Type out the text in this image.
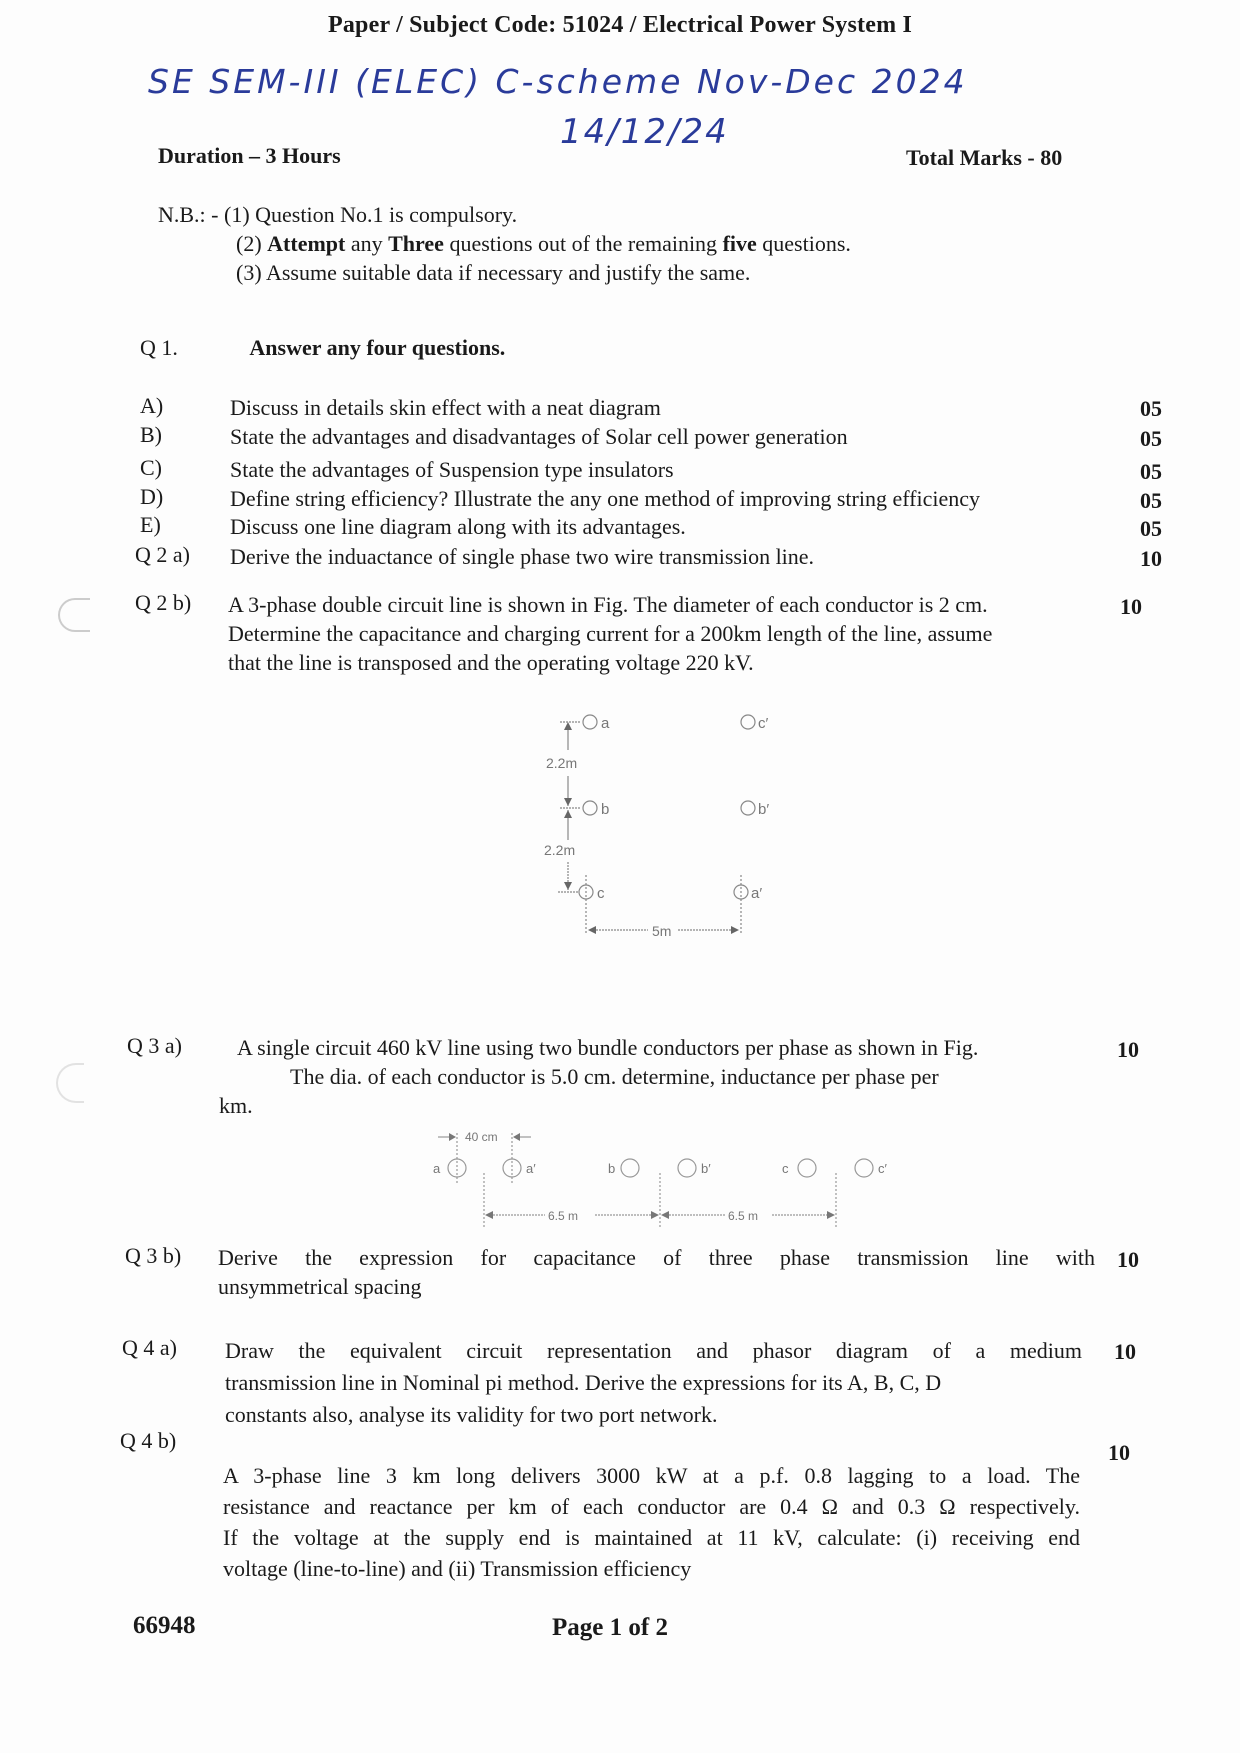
Paper / Subject Code: 51024 / Electrical Power System I
SE SEM-III (ELEC) C-scheme Nov-Dec 2024
14/12/24
Duration – 3 Hours	Total Marks - 80
N.B.: - (1) Question No.1 is compulsory.
(2) Attempt any Three questions out of the remaining five questions.
(3) Assume suitable data if necessary and justify the same.
Q 1.	Answer any four questions.
A)	Discuss in details skin effect with a neat diagram	05
B)	State the advantages and disadvantages of Solar cell power generation	05
C)	State the advantages of Suspension type insulators	05
D)	Define string efficiency? Illustrate the any one method of improving string efficiency	05
E)	Discuss one line diagram along with its advantages.	05
Q 2 a) Derive the induactance of single phase two wire transmission line.	10
Q 2 b) A 3-phase double circuit line is shown in Fig. The diameter of each conductor is 2 cm.
Determine the capacitance and charging current for a 200km length of the line, assume
that the line is transposed and the operating voltage 220 kV.
10
a
b
c
c′
b′
a′
2.2m
2.2m
5m
Q 3 a)	A single circuit 460 kV line using two bundle conductors per phase as shown in Fig.
The dia. of each conductor is 5.0 cm. determine, inductance per phase per
km.
10
a	a′	b	b′	c	c′
40 cm
6.5 m	6.5 m
Q 3 b) Derive the expression for capacitance of three phase transmission line with
unsymmetrical spacing
10
Q 4 a) Draw the equivalent circuit representation and phasor diagram of a medium
transmission line in Nominal pi method. Derive the expressions for its A, B, C, D
constants also, analyse its validity for two port network.
10
Q 4 b)
A 3-phase line 3 km long delivers 3000 kW at a p.f. 0.8 lagging to a load. The
resistance and reactance per km of each conductor are 0.4 Ω and 0.3 Ω respectively.
If the voltage at the supply end is maintained at 11 kV, calculate: (i) receiving end
voltage (line-to-line) and (ii) Transmission efficiency
10
66948	Page 1 of 2
